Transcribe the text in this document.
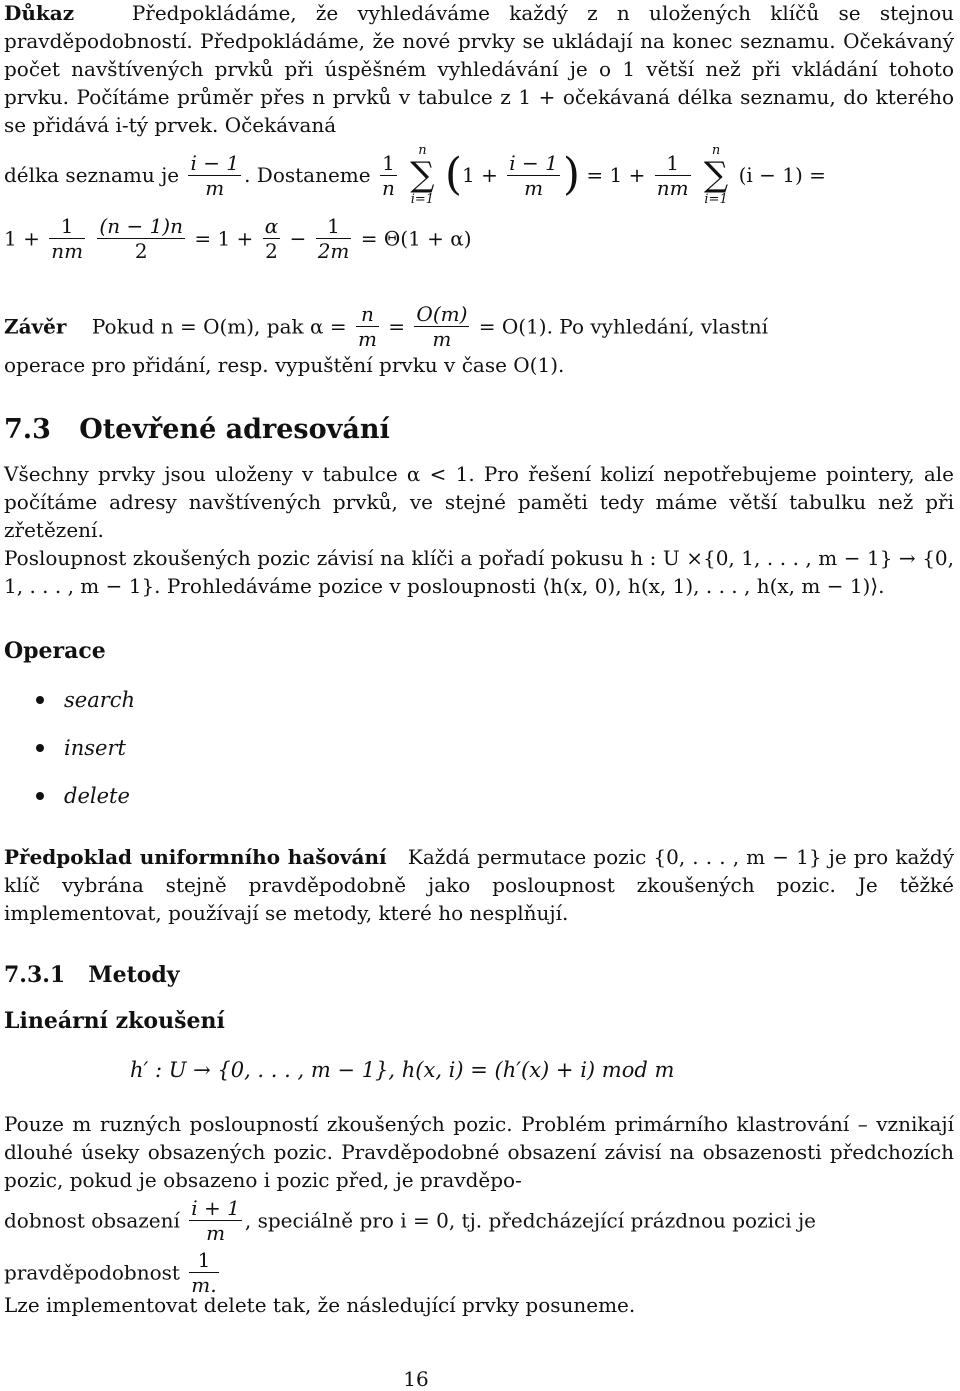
Důkaz	Předpokládáme, že vyhledáváme každý z n uložených klíčů se stejnou pravděpodobností. Předpokládáme, že nové prvky se ukládají na konec seznamu. Očekávaný počet navštívených prvků při úspěšném vyhledávání je o 1 větší než při vkládání tohoto prvku. Počítáme průměr přes n prvků v tabulce z 1 + očekávaná délka seznamu, do kterého se přidává i-tý prvek. Očekávaná
délka seznamu je $\frac{i - 1}{m}$ . Dostaneme $\frac{1}{n}$
	n
∑
i=1 ($1 + \frac{i - 1}{m}$ ) = $1 + \frac{1}{nm}$
	n
∑
i=1
(i − 1) =
$1 + \frac{1}{nm}$
$\frac{(n - 1)n}{2} = 1 + \frac{\alpha}{2} - \frac{1}{2m} = \Theta(1 + \alpha)$
Závěr Pokud n = O(m), pak $\alpha = \frac{n}{m} = \frac{O(m)}{m} = O(1)$. Po vyhledání, vlastní
operace pro přidání, resp. vypuštění prvku v čase O(1).
7.3 Otevřené adresování
Všechny prvky jsou uloženy v tabulce α < 1. Pro řešení kolizí nepotřebujeme pointery, ale počítáme adresy navštívených prvků, ve stejné paměti tedy máme větší tabulku než při zřetězení.
Posloupnost zkoušených pozic závisí na klíči a pořadí pokusu h : U ×{0, 1, . . . , m − 1} → {0, 1, . . . , m − 1}. Prohledáváme pozice v posloupnosti ⟨h(x, 0), h(x, 1), . . . , h(x, m − 1)⟩.
Operace
search
insert
delete
Předpoklad uniformního hašování Každá permutace pozic {0, . . . , m − 1} je pro každý klíč vybrána stejně pravděpodobně jako posloupnost zkoušených pozic. Je těžké implementovat, používají se metody, které ho nesplňují.
7.3.1 Metody
Lineární zkoušení
h′ : U → {0, . . . , m − 1}, h(x, i) = (h′(x) + i) mod m
Pouze m ruzných posloupností zkoušených pozic. Problém primárního klastrování – vznikají dlouhé úseky obsazených pozic. Pravděpodobné obsazení závisí na obsazenosti předchozích pozic, pokud je obsazeno i pozic před, je pravděpo-
dobnost obsazení $\frac{i + 1}{m}$ , speciálně pro i = 0, tj. předcházející prázdnou pozici je
pravděpodobnost $\frac{1}{m.}$
Lze implementovat delete tak, že následující prvky posuneme.
16
